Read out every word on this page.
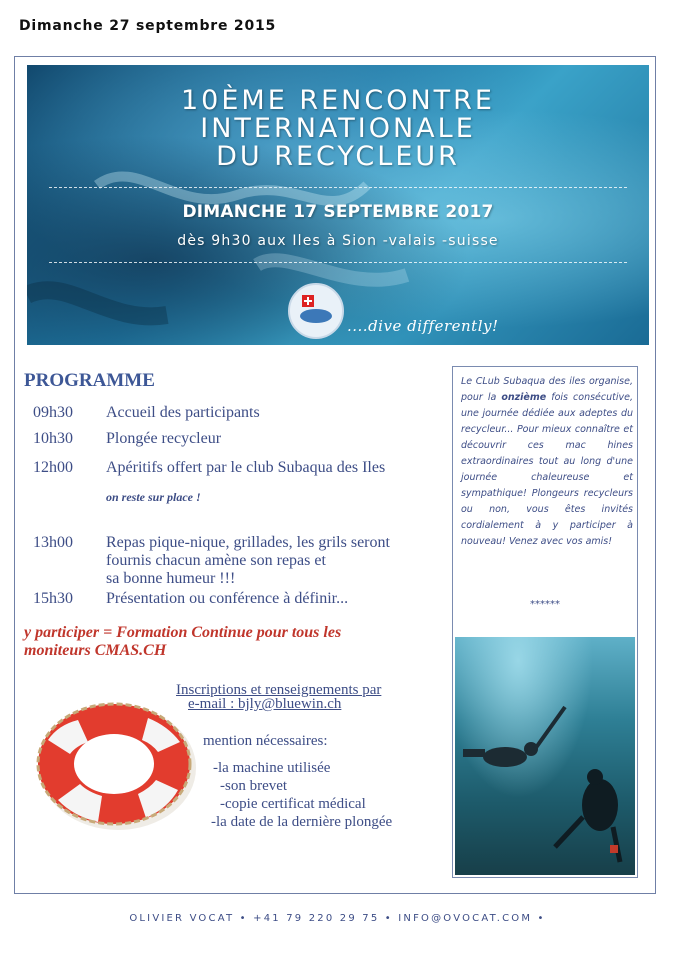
Dimanche 27 septembre 2015
10ÈME RENCONTRE
INTERNATIONALE
DU RECYCLEUR
DIMANCHE 17 SEPTEMBRE 2017
dès 9h30 aux Iles à Sion -valais -suisse
....dive differently!
PROGRAMME
09h30 Accueil des participants
10h30 Plongée recycleur
12h00 Apéritifs offert par le club Subaqua des Iles
on reste sur place !
13h00 Repas pique-nique, grillades, les grils seront
fournis chacun amène son repas et
sa bonne humeur !!!
15h30 Présentation ou conférence à définir...
y participer = Formation Continue pour tous les
moniteurs CMAS.CH
Inscriptions et renseignements par
e-mail : bjly@bluewin.ch
mention nécessaires:
-la machine utilisée
-son brevet
-copie certificat médical
-la date de la dernière plongée
Le CLub Subaqua des iles organise, pour la onzième fois consécutive, une journée dédiée aux adeptes du recycleur... Pour mieux connaître et découvrir ces mac hines extraordinaires tout au long d'une journée chaleureuse et sympathique! Plongeurs recycleurs ou non, vous êtes invités cordialement à y participer à nouveau! Venez avec vos amis!
******
OLIVIER VOCAT • +41 79 220 29 75 • INFO@OVOCAT.COM •
